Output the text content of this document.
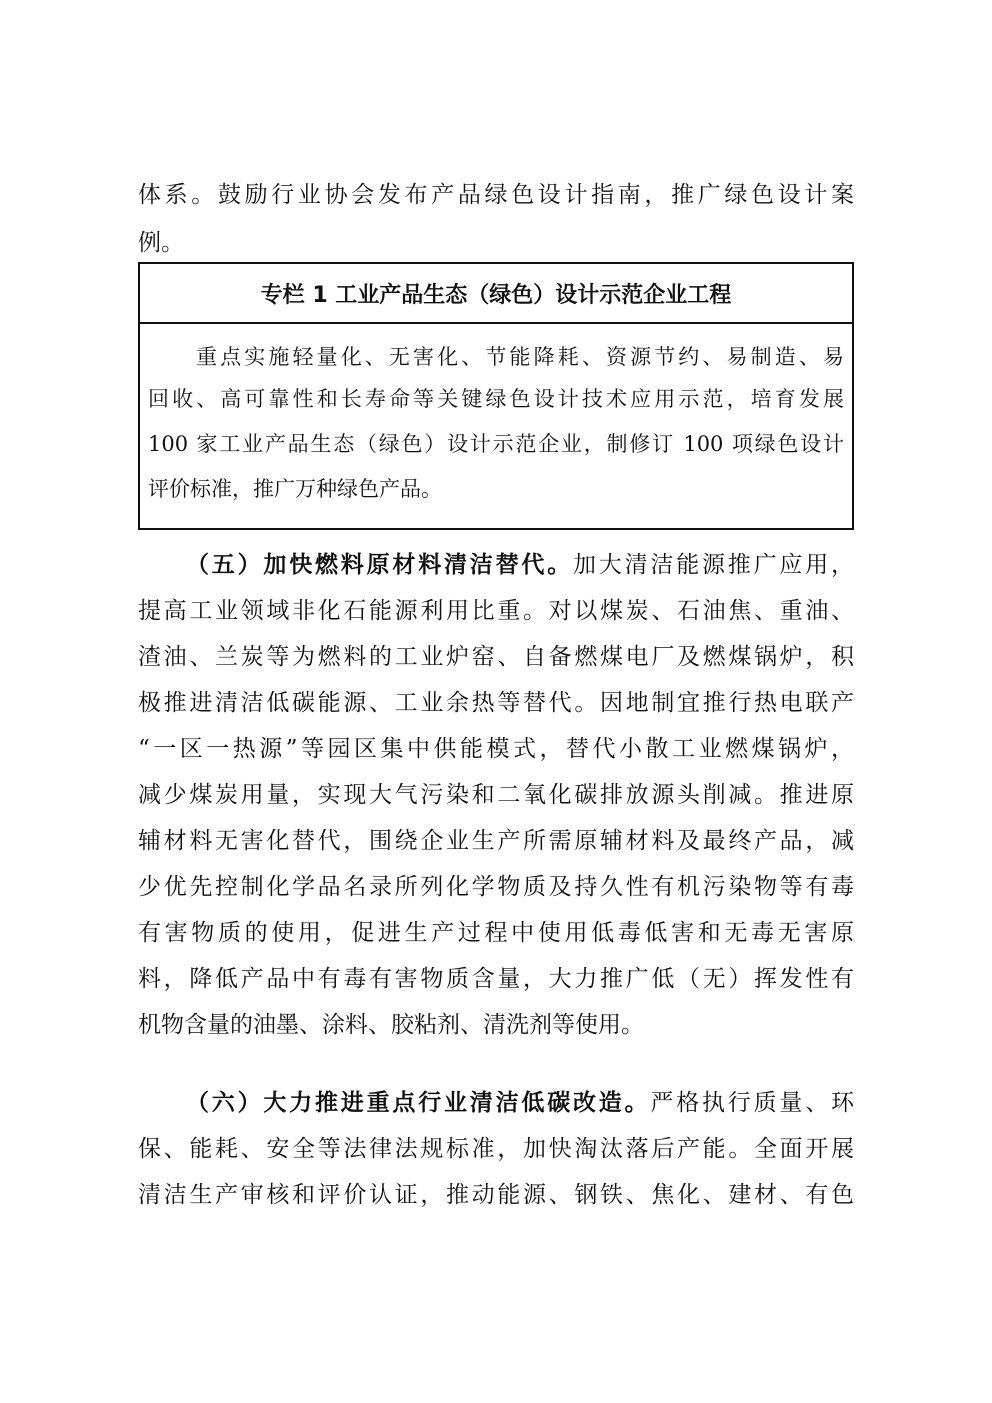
体系。鼓励行业协会发布产品绿色设计指南，推广绿色设计案
例。
专栏 1 工业产品生态（绿色）设计示范企业工程
重点实施轻量化、无害化、节能降耗、资源节约、易制造、易
回收、高可靠性和长寿命等关键绿色设计技术应用示范，培育发展
100 家工业产品生态（绿色）设计示范企业，制修订 100 项绿色设计
评价标准，推广万种绿色产品。
（五）加快燃料原材料清洁替代。加大清洁能源推广应用，
提高工业领域非化石能源利用比重。对以煤炭、石油焦、重油、
渣油、兰炭等为燃料的工业炉窑、自备燃煤电厂及燃煤锅炉，积
极推进清洁低碳能源、工业余热等替代。因地制宜推行热电联产
“一区一热源”等园区集中供能模式，替代小散工业燃煤锅炉，
减少煤炭用量，实现大气污染和二氧化碳排放源头削减。推进原
辅材料无害化替代，围绕企业生产所需原辅材料及最终产品，减
少优先控制化学品名录所列化学物质及持久性有机污染物等有毒
有害物质的使用，促进生产过程中使用低毒低害和无毒无害原
料，降低产品中有毒有害物质含量，大力推广低（无）挥发性有
机物含量的油墨、涂料、胶粘剂、清洗剂等使用。
（六）大力推进重点行业清洁低碳改造。严格执行质量、环
保、能耗、安全等法律法规标准，加快淘汰落后产能。全面开展
清洁生产审核和评价认证，推动能源、钢铁、焦化、建材、有色
